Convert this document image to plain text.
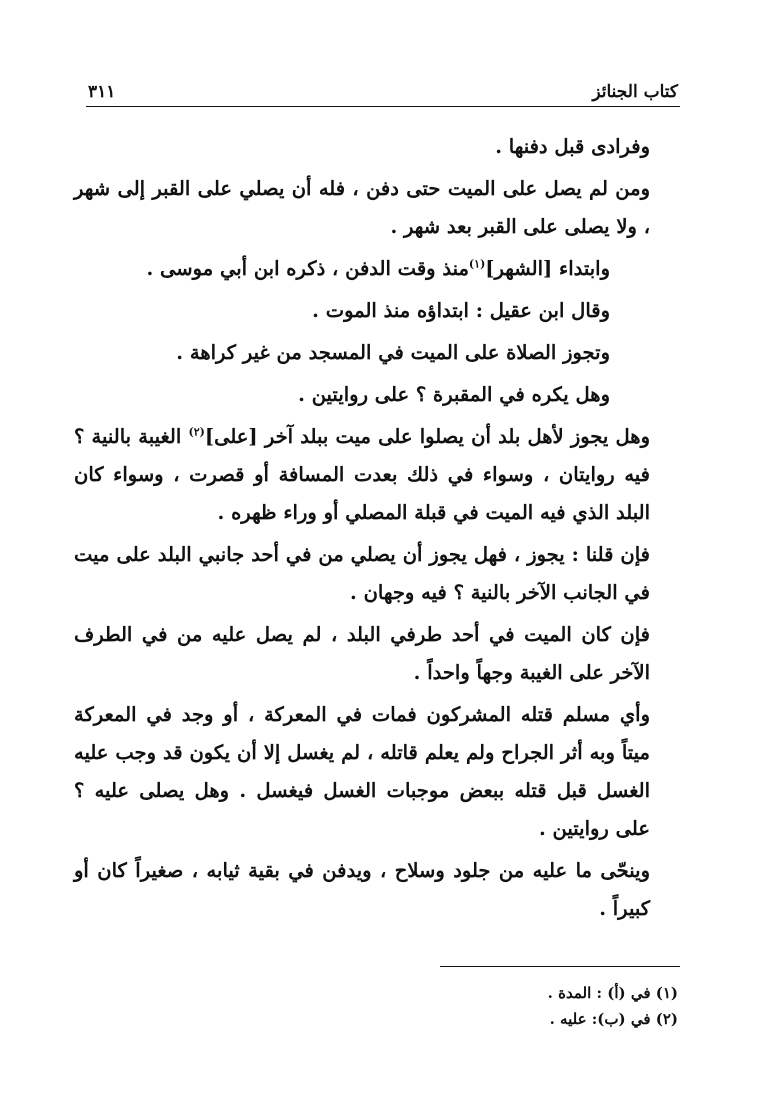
كتاب الجنائز
٣١١

وفرادى قبل دفنها .

ومن لم يصل على الميت حتى دفن ، فله أن يصلي على القبر إلى شهر ، ولا يصلى على القبر بعد شهر .

وابتداء [الشهر]$^{(١)}$منذ وقت الدفن ، ذكره ابن أبي موسى .

وقال ابن عقيل : ابتداؤه منذ الموت .

وتجوز الصلاة على الميت في المسجد من غير كراهة .

وهل يكره في المقبرة ؟ على روايتين .

وهل يجوز لأهل بلد أن يصلوا على ميت ببلد آخر [على]$^{(٢)}$ الغيبة بالنية ؟ فيه روايتان ، وسواء في ذلك بعدت المسافة أو قصرت ، وسواء كان البلد الذي فيه الميت في قبلة المصلي أو وراء ظهره .

فإن قلنا : يجوز ، فهل يجوز أن يصلي من في أحد جانبي البلد على ميت في الجانب الآخر بالنية ؟ فيه وجهان .

فإن كان الميت في أحد طرفي البلد ، لم يصل عليه من في الطرف الآخر على الغيبة وجهاً واحداً .

وأي مسلم قتله المشركون فمات في المعركة ، أو وجد في المعركة ميتاً وبه أثر الجراح ولم يعلم قاتله ، لم يغسل إلا أن يكون قد وجب عليه الغسل قبل قتله ببعض موجبات الغسل فيغسل . وهل يصلى عليه ؟ على روايتين .

وينحّى ما عليه من جلود وسلاح ، ويدفن في بقية ثيابه ، صغيراً كان أو كبيراً .

(١) في (أ) : المدة .
(٢) في (ب): عليه .
